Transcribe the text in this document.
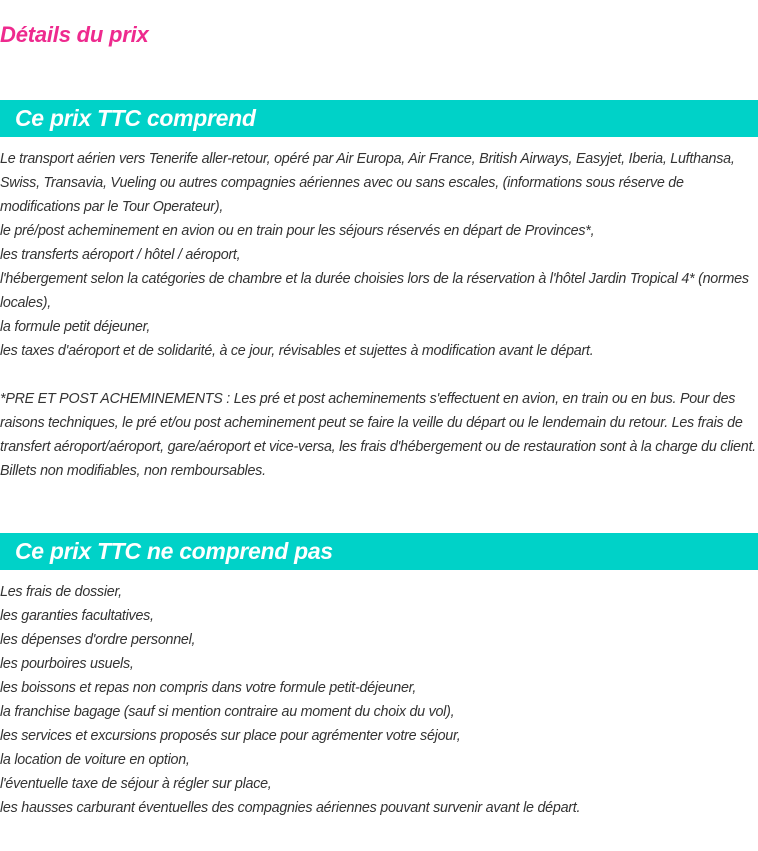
Détails du prix
Ce prix TTC comprend

Le transport aérien vers Tenerife aller-retour, opéré par Air Europa, Air France, British Airways, Easyjet, Iberia, Lufthansa, Swiss, Transavia, Vueling ou autres compagnies aériennes avec ou sans escales, (informations sous réserve de modifications par le Tour Operateur),

le pré/post acheminement en avion ou en train pour les séjours réservés en départ de Provinces*,

les transferts aéroport / hôtel / aéroport,

l'hébergement selon la catégories de chambre et la durée choisies lors de la réservation à l'hôtel Jardin Tropical 4* (normes locales),

la formule petit déjeuner,

les taxes d'aéroport et de solidarité, à ce jour, révisables et sujettes à modification avant le départ.

*PRE ET POST ACHEMINEMENTS : Les pré et post acheminements s'effectuent en avion, en train ou en bus. Pour des raisons techniques, le pré et/ou post acheminement peut se faire la veille du départ ou le lendemain du retour. Les frais de transfert aéroport/aéroport, gare/aéroport et vice-versa, les frais d'hébergement ou de restauration sont à la charge du client. Billets non modifiables, non remboursables.

Ce prix TTC ne comprend pas

Les frais de dossier,

les garanties facultatives,

les dépenses d'ordre personnel,

les pourboires usuels,

les boissons et repas non compris dans votre formule petit-déjeuner,

la franchise bagage (sauf si mention contraire au moment du choix du vol),

les services et excursions proposés sur place pour agrémenter votre séjour,

la location de voiture en option,

l'éventuelle taxe de séjour à régler sur place,

les hausses carburant éventuelles des compagnies aériennes pouvant survenir avant le départ.
